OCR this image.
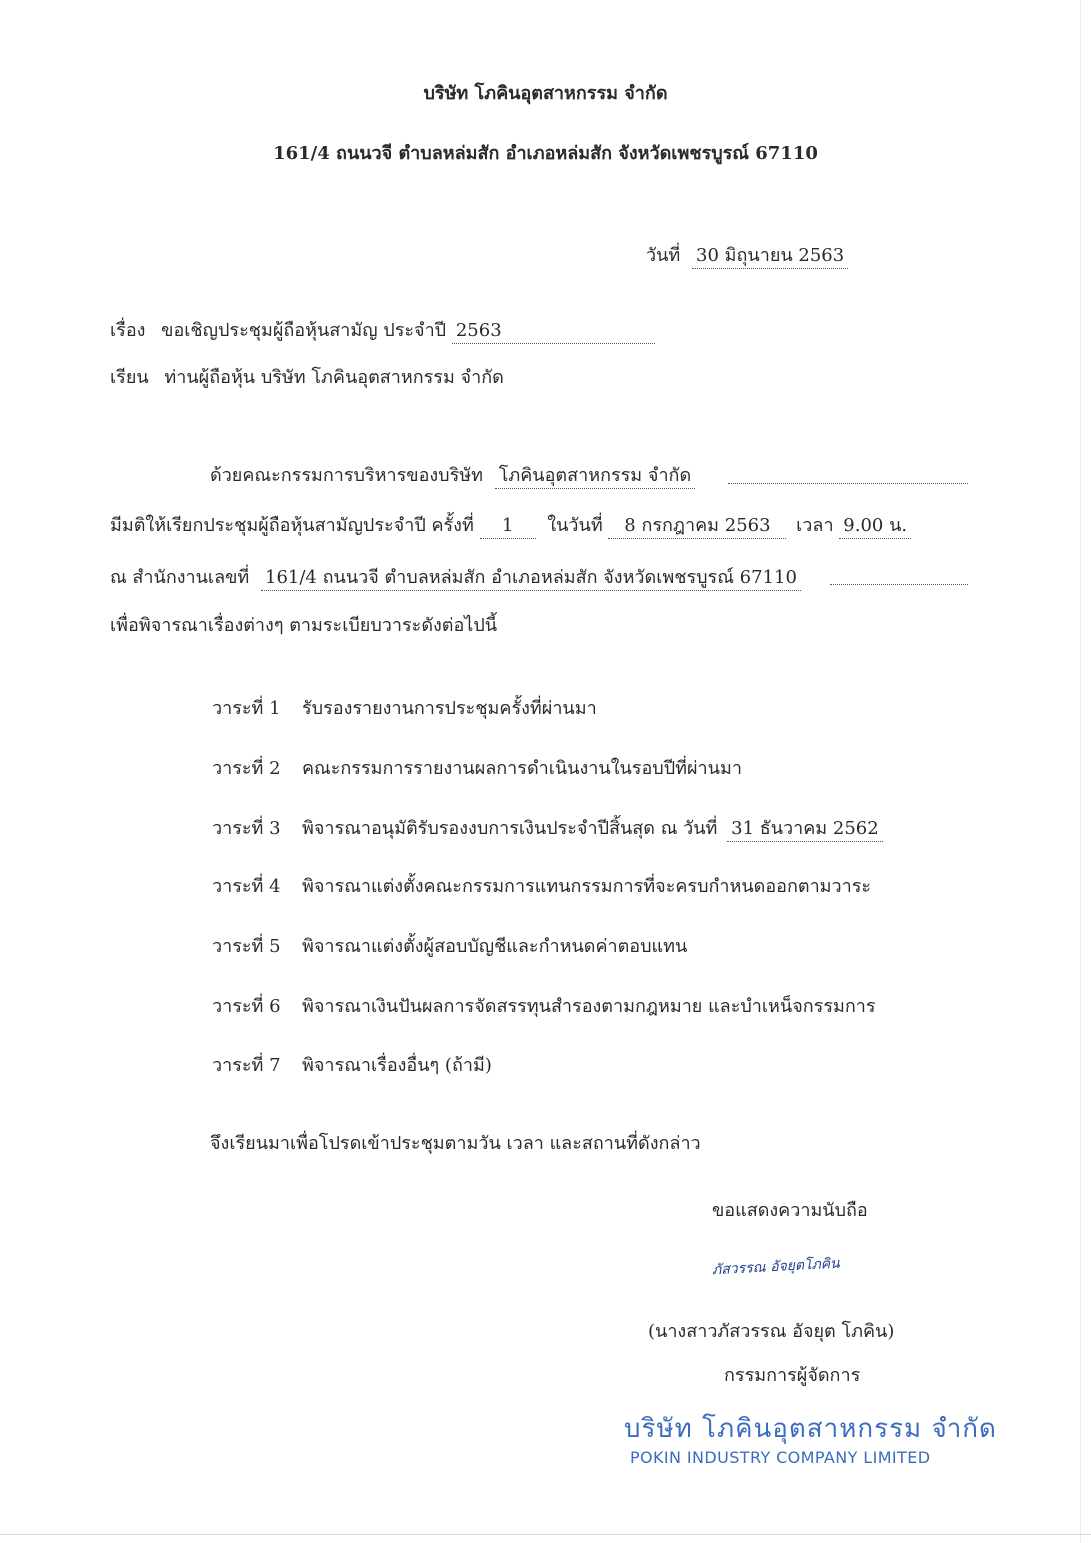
บริษัท โภคินอุตสาหกรรม จำกัด
161/4 ถนนวจี ตำบลหล่มสัก อำเภอหล่มสัก จังหวัดเพชรบูรณ์ 67110
วันที่ 30 มิถุนายน 2563
เรื่อง ขอเชิญประชุมผู้ถือหุ้นสามัญ ประจำปี 2563
เรียน ท่านผู้ถือหุ้น บริษัท โภคินอุตสาหกรรม จำกัด
ด้วยคณะกรรมการบริหารของบริษัท โภคินอุตสาหกรรม จำกัด
มีมติให้เรียกประชุมผู้ถือหุ้นสามัญประจำปี ครั้งที่ 1 ในวันที่ 8 กรกฎาคม 2563 เวลา 9.00 น.
ณ สำนักงานเลขที่ 161/4 ถนนวจี ตำบลหล่มสัก อำเภอหล่มสัก จังหวัดเพชรบูรณ์ 67110
เพื่อพิจารณาเรื่องต่างๆ ตามระเบียบวาระดังต่อไปนี้
วาระที่ 1 รับรองรายงานการประชุมครั้งที่ผ่านมา
วาระที่ 2 คณะกรรมการรายงานผลการดำเนินงานในรอบปีที่ผ่านมา
วาระที่ 3 พิจารณาอนุมัติรับรองงบการเงินประจำปีสิ้นสุด ณ วันที่ 31 ธันวาคม 2562
วาระที่ 4 พิจารณาแต่งตั้งคณะกรรมการแทนกรรมการที่จะครบกำหนดออกตามวาระ
วาระที่ 5 พิจารณาแต่งตั้งผู้สอบบัญชีและกำหนดค่าตอบแทน
วาระที่ 6 พิจารณาเงินปันผลการจัดสรรทุนสำรองตามกฎหมาย และบำเหน็จกรรมการ
วาระที่ 7 พิจารณาเรื่องอื่นๆ (ถ้ามี)
จึงเรียนมาเพื่อโปรดเข้าประชุมตามวัน เวลา และสถานที่ดังกล่าว
ขอแสดงความนับถือ
ภัสวรรณ อัจยุตโภคิน
(นางสาวภัสวรรณ อัจยุต โภคิน)
กรรมการผู้จัดการ
บริษัท โภคินอุตสาหกรรม จำกัด
POKIN INDUSTRY COMPANY LIMITED
